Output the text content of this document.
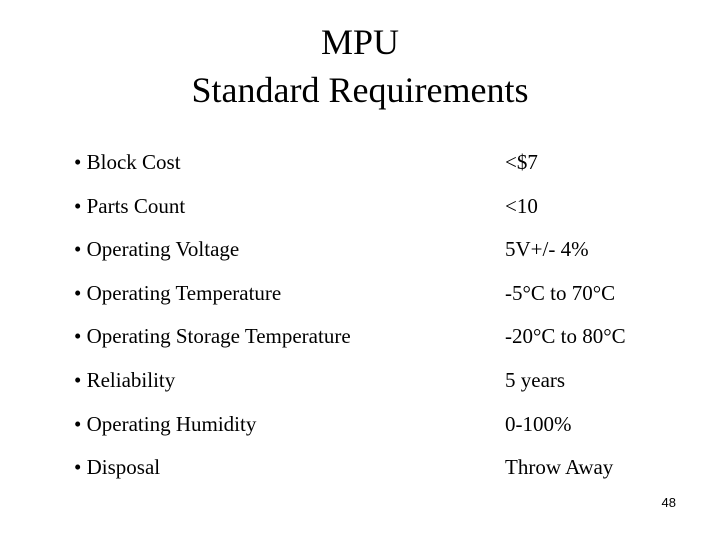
MPU
Standard Requirements
• Block Cost	<$7
• Parts Count	<10
• Operating Voltage	5V+/- 4%
• Operating Temperature	-5°C to 70°C
• Operating Storage Temperature	-20°C to 80°C
• Reliability	5 years
• Operating Humidity	0-100%
• Disposal	Throw Away
48
